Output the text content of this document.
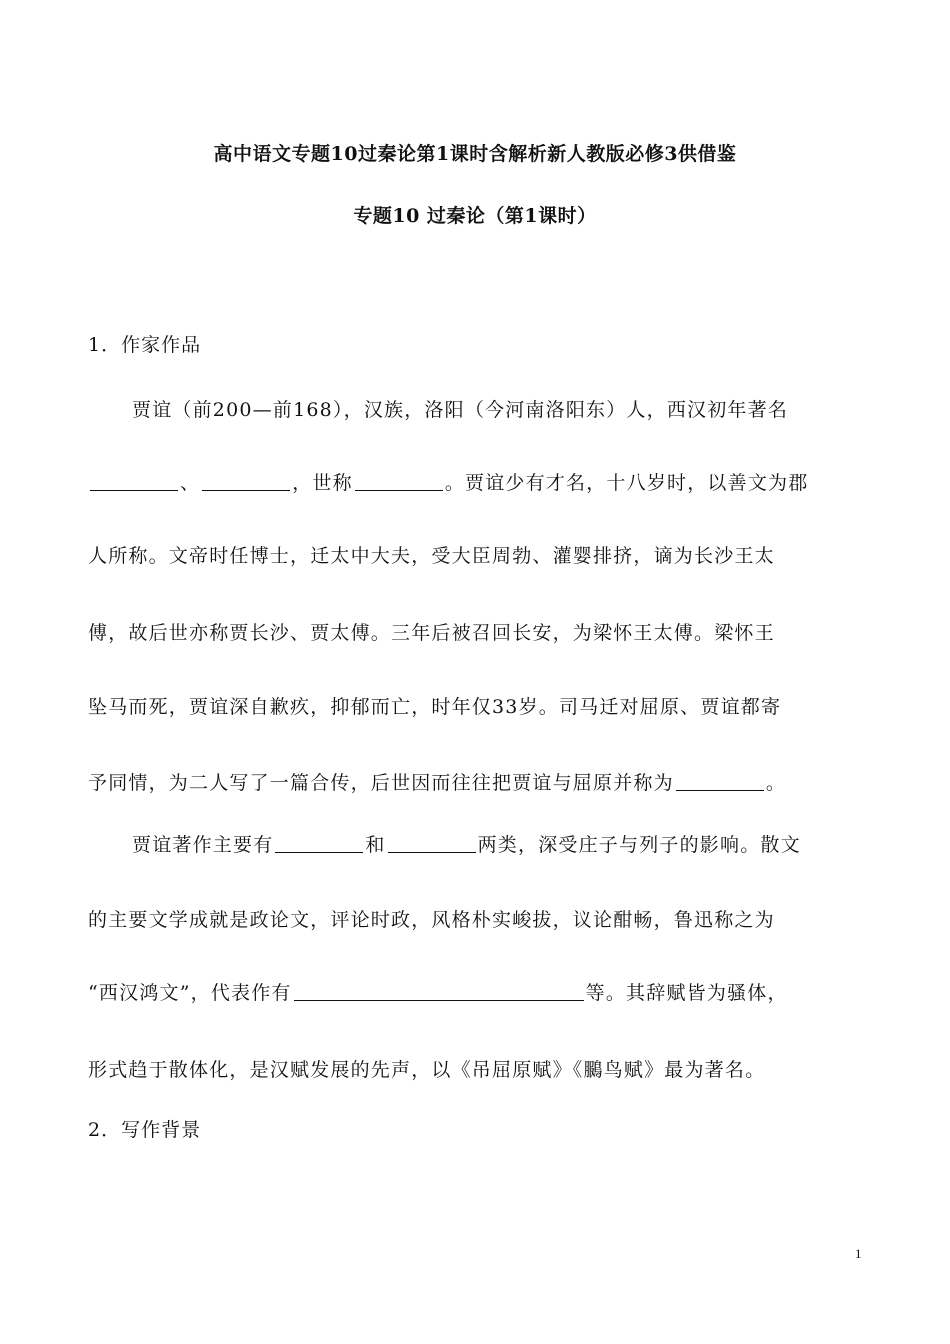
高中语文专题10过秦论第1课时含解析新人教版必修3供借鉴
专题10 过秦论（第1课时）
1．作家作品
贾谊（前200—前168），汉族，洛阳（今河南洛阳东）人，西汉初年著名
、	，世称	。贾谊少有才名，十八岁时，以善文为郡
人所称。文帝时任博士，迁太中大夫，受大臣周勃、灌婴排挤，谪为长沙王太
傅，故后世亦称贾长沙、贾太傅。三年后被召回长安，为梁怀王太傅。梁怀王
坠马而死，贾谊深自歉疚，抑郁而亡，时年仅33岁。司马迁对屈原、贾谊都寄
予同情，为二人写了一篇合传，后世因而往往把贾谊与屈原并称为	。
贾谊著作主要有	和	两类，深受庄子与列子的影响。散文
的主要文学成就是政论文，评论时政，风格朴实峻拔，议论酣畅，鲁迅称之为
“西汉鸿文”，代表作有	等。其辞赋皆为骚体，
形式趋于散体化，是汉赋发展的先声，以《吊屈原赋》《鵩鸟赋》最为著名。
2．写作背景
1
